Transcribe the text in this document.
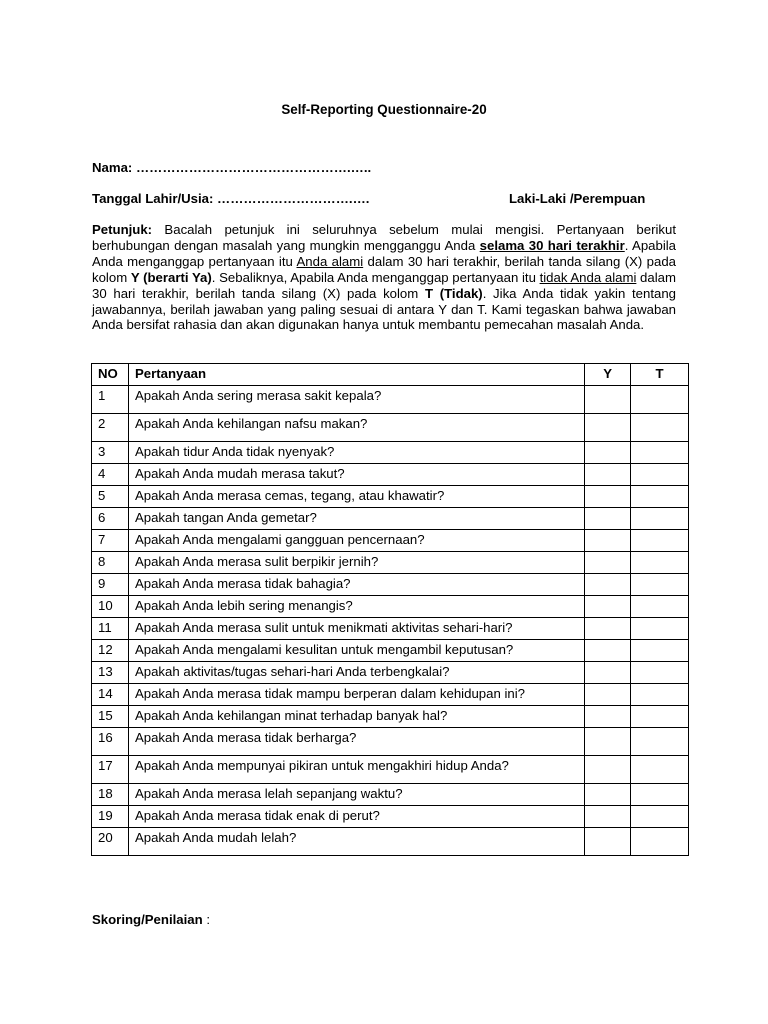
Self-Reporting Questionnaire-20
Nama: ………………………………………….…..
Tanggal Lahir/Usia: ………………………….….	Laki-Laki /Perempuan
Petunjuk: Bacalah petunjuk ini seluruhnya sebelum mulai mengisi. Pertanyaan berikut berhubungan dengan masalah yang mungkin mengganggu Anda selama 30 hari terakhir. Apabila Anda menganggap pertanyaan itu Anda alami dalam 30 hari terakhir, berilah tanda silang (X) pada kolom Y (berarti Ya). Sebaliknya, Apabila Anda menganggap pertanyaan itu tidak Anda alami dalam 30 hari terakhir, berilah tanda silang (X) pada kolom T (Tidak). Jika Anda tidak yakin tentang jawabannya, berilah jawaban yang paling sesuai di antara Y dan T. Kami tegaskan bahwa jawaban Anda bersifat rahasia dan akan digunakan hanya untuk membantu pemecahan masalah Anda.
NO	Pertanyaan	Y	T
1	Apakah Anda sering merasa sakit kepala?		
2	Apakah Anda kehilangan nafsu makan?		
3	Apakah tidur Anda tidak nyenyak?		
4	Apakah Anda mudah merasa takut?		
5	Apakah Anda merasa cemas, tegang, atau khawatir?		
6	Apakah tangan Anda gemetar?		
7	Apakah Anda mengalami gangguan pencernaan?		
8	Apakah Anda merasa sulit berpikir jernih?		
9	Apakah Anda merasa tidak bahagia?		
10	Apakah Anda lebih sering menangis?		
11	Apakah Anda merasa sulit untuk menikmati aktivitas sehari-hari?		
12	Apakah Anda mengalami kesulitan untuk mengambil keputusan?		
13	Apakah aktivitas/tugas sehari-hari Anda terbengkalai?		
14	Apakah Anda merasa tidak mampu berperan dalam kehidupan ini?		
15	Apakah Anda kehilangan minat terhadap banyak hal?		
16	Apakah Anda merasa tidak berharga?		
17	Apakah Anda mempunyai pikiran untuk mengakhiri hidup Anda?		
18	Apakah Anda merasa lelah sepanjang waktu?		
19	Apakah Anda merasa tidak enak di perut?		
20	Apakah Anda mudah lelah?		
Skoring/Penilaian :
